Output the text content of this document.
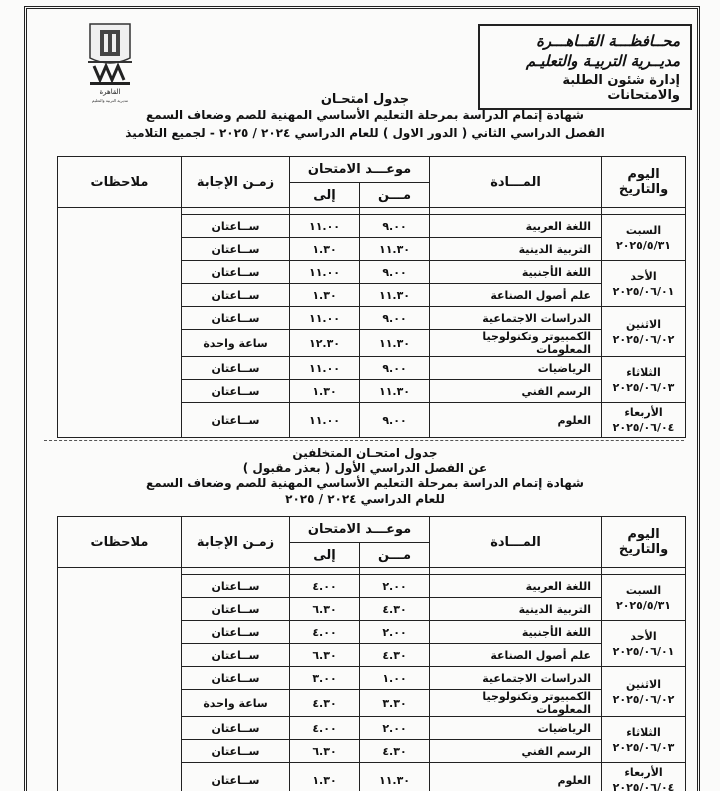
محــافظـــة القــاهـــرة
مديــرية التربيـة والتعليـم
إدارة شئون الطلبة والامتحانات
القاهرة
مديرية التربية والتعليم	جدول امتحـان
شهادة إتمام الدراسة بمرحلة التعليم الأساسي المهنية للصم وضعاف السمع
الفصل الدراسي الثاني ( الدور الاول ) للعام الدراسي ٢٠٢٤ / ٢٠٢٥ - لجميع التلاميذ
اليوم والتاريخ	المـــادة	موعـــد الامتحان		زمـن الإجابة	ملاحظات
		مـــن	إلى		

السبت
٢٠٢٥/٥/٣١	اللغة العربية	٩.٠٠	١١.٠٠	ســاعتان	
	التربية الدينية	١١.٣٠	١.٣٠	ســاعتان	

الأحد
٢٠٢٥/٠٦/٠١	اللغة الأجنبية	٩.٠٠	١١.٠٠	ســاعتان	
	علم أصول الصناعة	١١.٣٠	١.٣٠	ســاعتان	

الاثنين
٢٠٢٥/٠٦/٠٢	الدراسات الاجتماعية	٩.٠٠	١١.٠٠	ســاعتان	
	الكمبيوتر وتكنولوجيا المعلومات	١١.٣٠	١٢.٣٠	ساعة واحدة	

الثلاثاء
٢٠٢٥/٠٦/٠٣	الرياضيات	٩.٠٠	١١.٠٠	ســاعتان	
	الرسم الفني	١١.٣٠	١.٣٠	ســاعتان	

الأربعاء
٢٠٢٥/٠٦/٠٤	العلوم	٩.٠٠	١١.٠٠	ســاعتان	
جدول امتحـان المتخلفين
عن الفصل الدراسي الأول ( بعذر مقبول )
شهادة إتمام الدراسة بمرحلة التعليم الأساسي المهنية للصم وضعاف السمع
للعام الدراسي ٢٠٢٤ / ٢٠٢٥
اليوم والتاريخ	المـــادة	موعـــد الامتحان		زمـن الإجابة	ملاحظات
		مـــن	إلى		

السبت
٢٠٢٥/٥/٣١	اللغة العربية	٢.٠٠	٤.٠٠	ســاعتان	
	التربية الدينية	٤.٣٠	٦.٣٠	ســاعتان	

الأحد
٢٠٢٥/٠٦/٠١	اللغة الأجنبية	٢.٠٠	٤.٠٠	ســاعتان	
	علم أصول الصناعة	٤.٣٠	٦.٣٠	ســاعتان	

الاثنين
٢٠٢٥/٠٦/٠٢	الدراسات الاجتماعية	١.٠٠	٣.٠٠	ســاعتان	
	الكمبيوتر وتكنولوجيا المعلومات	٣.٣٠	٤.٣٠	ساعة واحدة	

الثلاثاء
٢٠٢٥/٠٦/٠٣	الرياضيات	٢.٠٠	٤.٠٠	ســاعتان	
	الرسم الفني	٤.٣٠	٦.٣٠	ســاعتان	

الأربعاء
٢٠٢٥/٠٦/٠٤	العلوم	١١.٣٠	١.٣٠	ســاعتان	
